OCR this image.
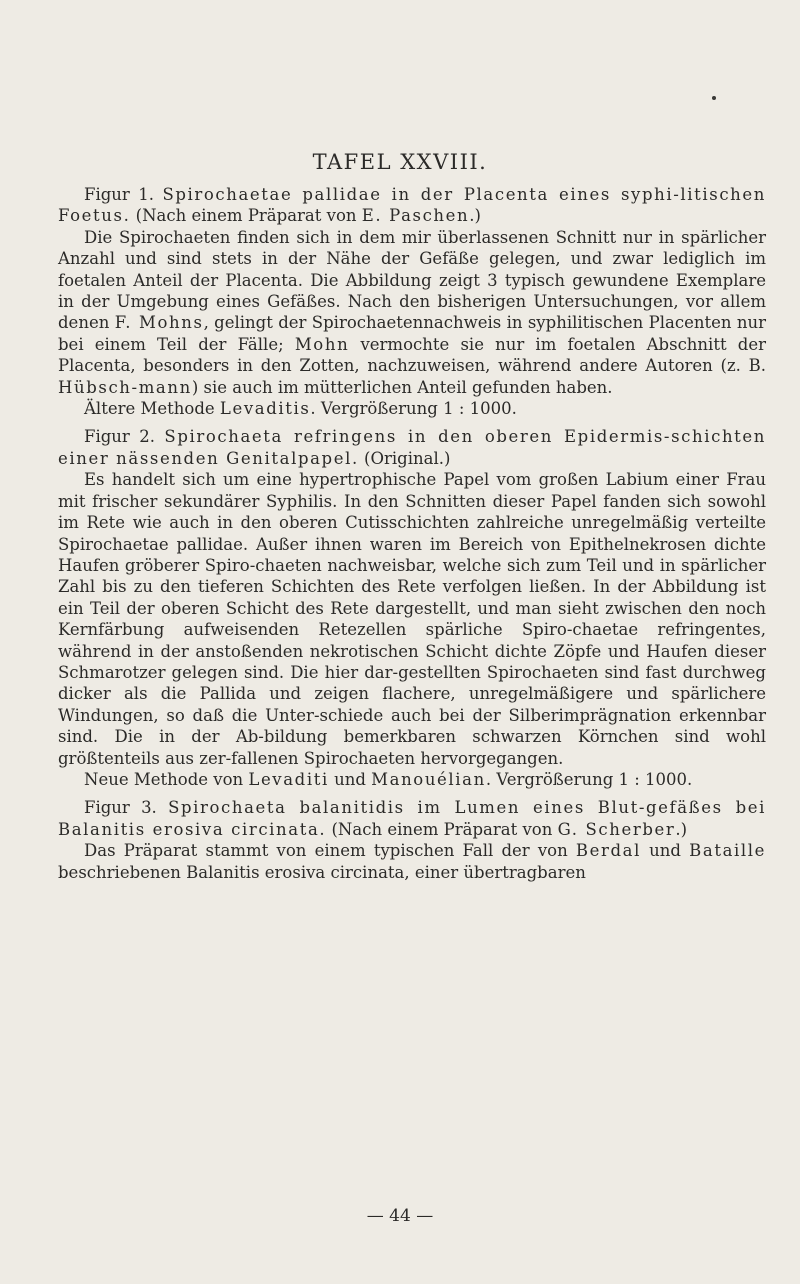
TAFEL XXVIII.

Figur 1. Spirochaetae pallidae in der Placenta eines syphi-litischen Foetus. (Nach einem Präparat von E. Paschen.)

Die Spirochaeten finden sich in dem mir überlassenen Schnitt nur in spärlicher Anzahl und sind stets in der Nähe der Gefäße gelegen, und zwar lediglich im foetalen Anteil der Placenta. Die Abbildung zeigt 3 typisch gewundene Exemplare in der Umgebung eines Gefäßes. Nach den bisherigen Untersuchungen, vor allem denen F. Mohns, gelingt der Spirochaetennachweis in syphilitischen Placenten nur bei einem Teil der Fälle; Mohn vermochte sie nur im foetalen Abschnitt der Placenta, besonders in den Zotten, nachzuweisen, während andere Autoren (z. B. Hübsch-mann) sie auch im mütterlichen Anteil gefunden haben.

Ältere Methode Levaditis. Vergrößerung 1 : 1000.

Figur 2. Spirochaeta refringens in den oberen Epidermis-schichten einer nässenden Genitalpapel. (Original.)

Es handelt sich um eine hypertrophische Papel vom großen Labium einer Frau mit frischer sekundärer Syphilis. In den Schnitten dieser Papel fanden sich sowohl im Rete wie auch in den oberen Cutisschichten zahlreiche unregelmäßig verteilte Spirochaetae pallidae. Außer ihnen waren im Bereich von Epithelnekrosen dichte Haufen gröberer Spiro-chaeten nachweisbar, welche sich zum Teil und in spärlicher Zahl bis zu den tieferen Schichten des Rete verfolgen ließen. In der Abbildung ist ein Teil der oberen Schicht des Rete dargestellt, und man sieht zwischen den noch Kernfärbung aufweisenden Retezellen spärliche Spiro-chaetae refringentes, während in der anstoßenden nekrotischen Schicht dichte Zöpfe und Haufen dieser Schmarotzer gelegen sind. Die hier dar-gestellten Spirochaeten sind fast durchweg dicker als die Pallida und zeigen flachere, unregelmäßigere und spärlichere Windungen, so daß die Unter-schiede auch bei der Silberimprägnation erkennbar sind. Die in der Ab-bildung bemerkbaren schwarzen Körnchen sind wohl größtenteils aus zer-fallenen Spirochaeten hervorgegangen.

Neue Methode von Levaditi und Manouélian. Vergrößerung 1 : 1000.

Figur 3. Spirochaeta balanitidis im Lumen eines Blut-gefäßes bei Balanitis erosiva circinata. (Nach einem Präparat von G. Scherber.)

Das Präparat stammt von einem typischen Fall der von Berdal und Bataille beschriebenen Balanitis erosiva circinata, einer übertragbaren

— 44 —
